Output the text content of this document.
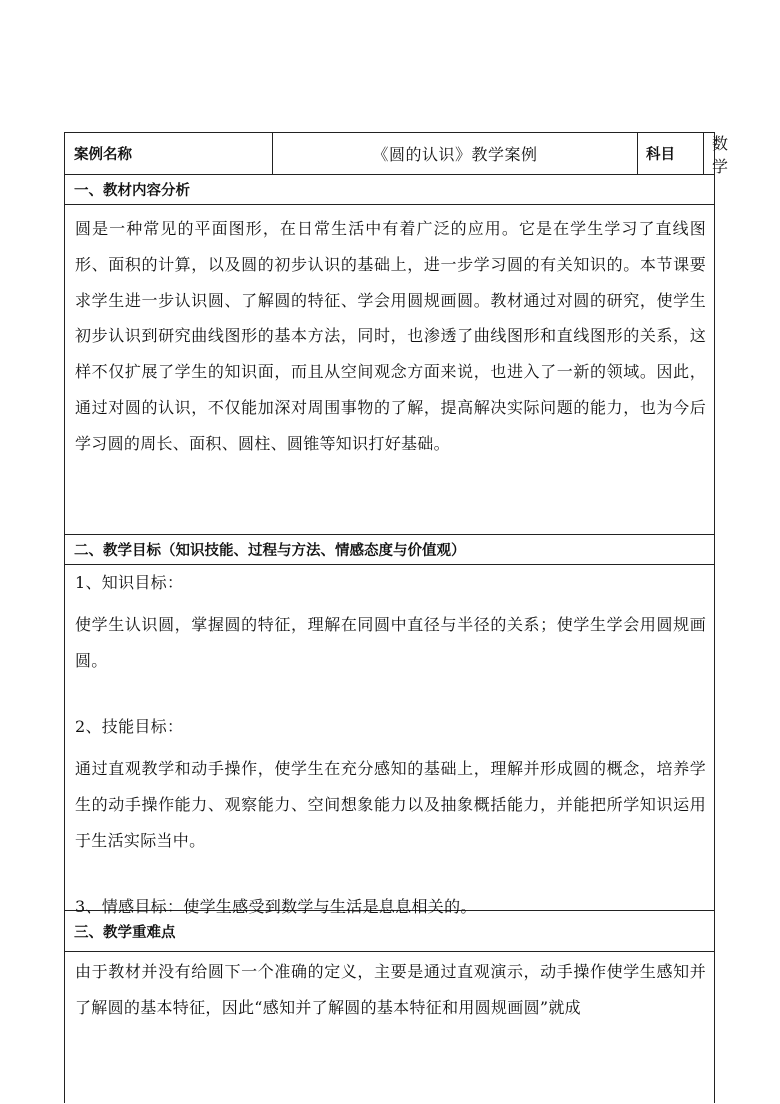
案例名称	《圆的认识》教学案例	科目
数学
一、教材内容分析
圆是一种常见的平面图形，在日常生活中有着广泛的应用。它是在学生学习了直线图形、面积的计算，以及圆的初步认识的基础上，进一步学习圆的有关知识的。本节课要求学生进一步认识圆、了解圆的特征、学会用圆规画圆。教材通过对圆的研究，使学生初步认识到研究曲线图形的基本方法，同时，也渗透了曲线图形和直线图形的关系，这样不仅扩展了学生的知识面，而且从空间观念方面来说，也进入了一新的领域。因此，通过对圆的认识，不仅能加深对周围事物的了解，提高解决实际问题的能力，也为今后学习圆的周长、面积、圆柱、圆锥等知识打好基础。
二、教学目标（知识技能、过程与方法、情感态度与价值观）
1、知识目标：
使学生认识圆，掌握圆的特征，理解在同圆中直径与半径的关系；使学生学会用圆规画圆。
2、技能目标：
通过直观教学和动手操作，使学生在充分感知的基础上，理解并形成圆的概念，培养学生的动手操作能力、观察能力、空间想象能力以及抽象概括能力，并能把所学知识运用于生活实际当中。
3、情感目标：使学生感受到数学与生活是息息相关的。
三、教学重难点
由于教材并没有给圆下一个准确的定义，主要是通过直观演示，动手操作使学生感知并了解圆的基本特征，因此“感知并了解圆的基本特征和用圆规画圆”就成
